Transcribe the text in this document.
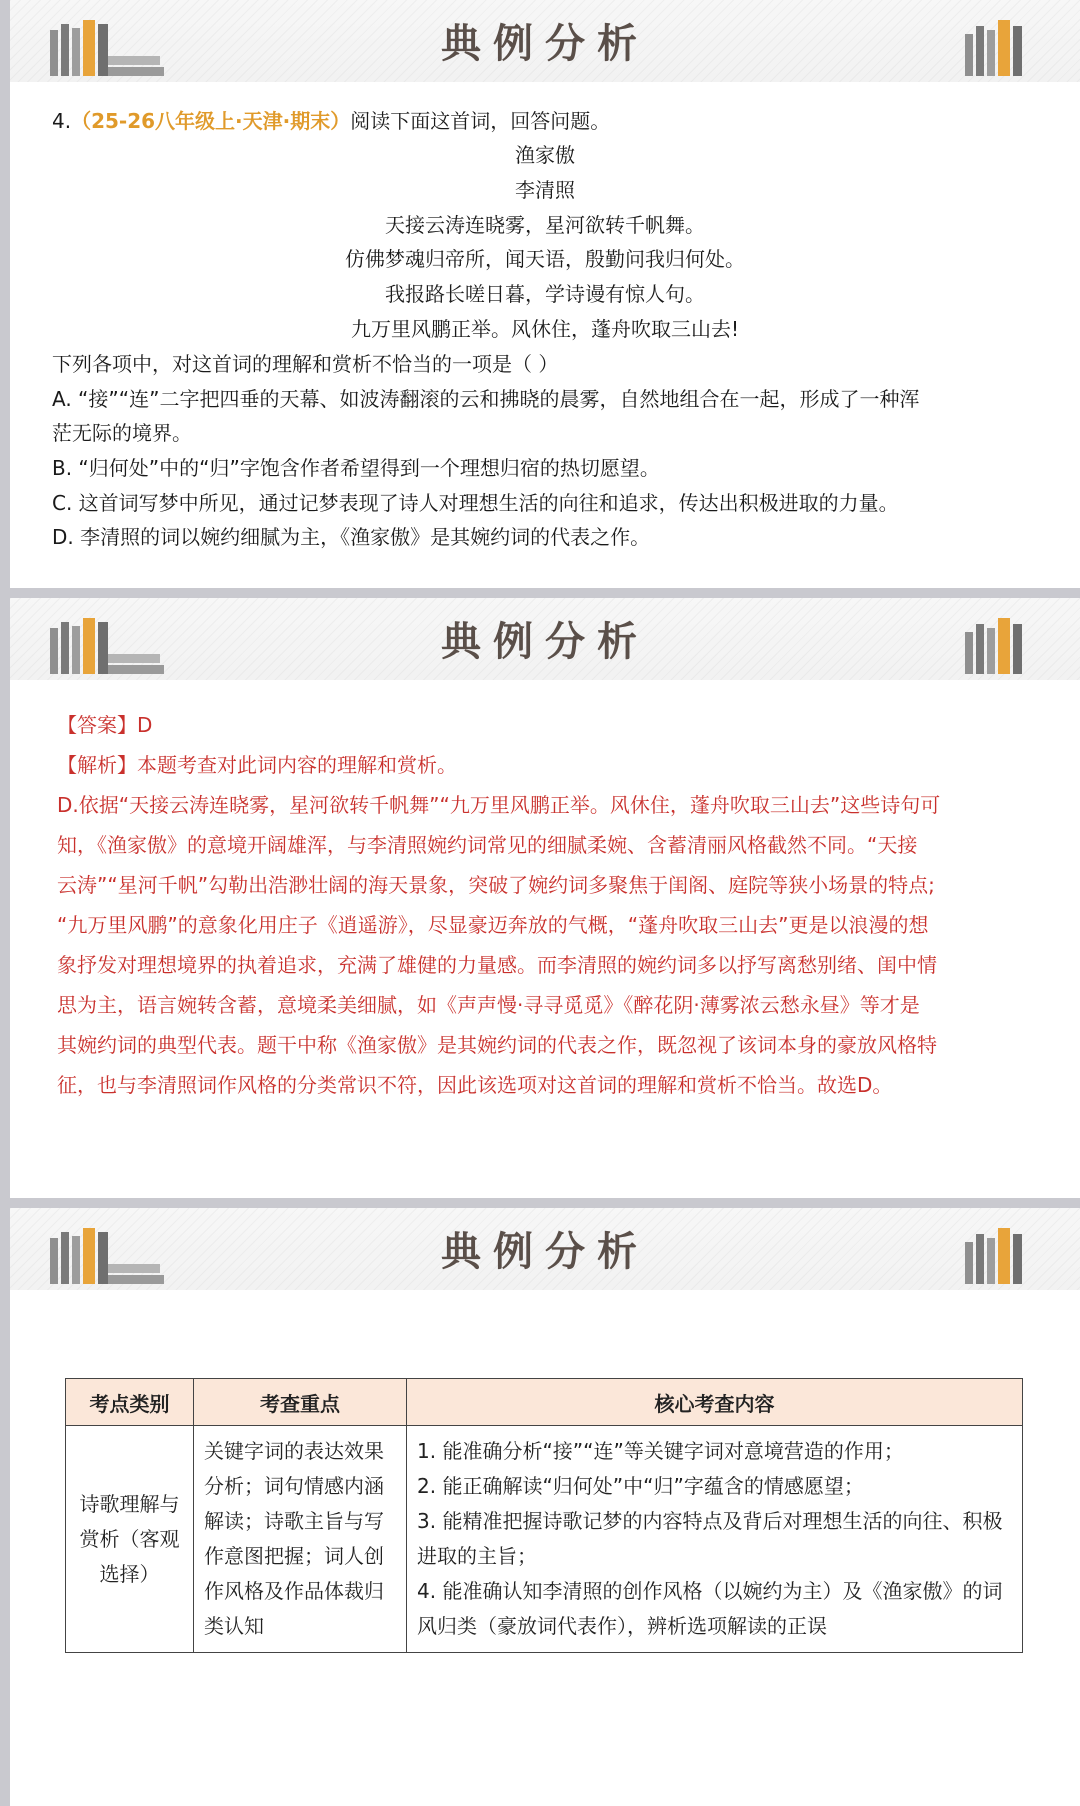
典例分析
4.（25-26八年级上·天津·期末）阅读下面这首词，回答问题。
渔家傲
李清照
天接云涛连晓雾，星河欲转千帆舞。
仿佛梦魂归帝所，闻天语，殷勤问我归何处。
我报路长嗟日暮，学诗谩有惊人句。
九万里风鹏正举。风休住，蓬舟吹取三山去!
下列各项中，对这首词的理解和赏析不恰当的一项是（ ）
A. “接”“连”二字把四垂的天幕、如波涛翻滚的云和拂晓的晨雾，自然地组合在一起，形成了一种浑
茫无际的境界。
B. “归何处”中的“归”字饱含作者希望得到一个理想归宿的热切愿望。
C. 这首词写梦中所见，通过记梦表现了诗人对理想生活的向往和追求，传达出积极进取的力量。
D. 李清照的词以婉约细腻为主，《渔家傲》是其婉约词的代表之作。
典例分析
【答案】D
【解析】本题考查对此词内容的理解和赏析。
D.依据“天接云涛连晓雾，星河欲转千帆舞”“九万里风鹏正举。风休住，蓬舟吹取三山去”这些诗句可
知，《渔家傲》的意境开阔雄浑，与李清照婉约词常见的细腻柔婉、含蓄清丽风格截然不同。“天接
云涛”“星河千帆”勾勒出浩渺壮阔的海天景象，突破了婉约词多聚焦于闺阁、庭院等狭小场景的特点;
“九万里风鹏”的意象化用庄子《逍遥游》，尽显豪迈奔放的气概，“蓬舟吹取三山去”更是以浪漫的想
象抒发对理想境界的执着追求，充满了雄健的力量感。而李清照的婉约词多以抒写离愁别绪、闺中情
思为主，语言婉转含蓄，意境柔美细腻，如《声声慢·寻寻觅觅》《醉花阴·薄雾浓云愁永昼》等才是
其婉约词的典型代表。题干中称《渔家傲》是其婉约词的代表之作，既忽视了该词本身的豪放风格特
征，也与李清照词作风格的分类常识不符，因此该选项对这首词的理解和赏析不恰当。故选D。
典例分析
考点类别	考查重点	核心考查内容
诗歌理解与赏析（客观选择）	关键字词的表达效果分析；词句情感内涵解读；诗歌主旨与写作意图把握；词人创作风格及作品体裁归类认知	1. 能准确分析“接”“连”等关键字词对意境营造的作用；
2. 能正确解读“归何处”中“归”字蕴含的情感愿望；
3. 能精准把握诗歌记梦的内容特点及背后对理想生活的向往、积极进取的主旨；
4. 能准确认知李清照的创作风格（以婉约为主）及《渔家傲》的词风归类（豪放词代表作），辨析选项解读的正误
